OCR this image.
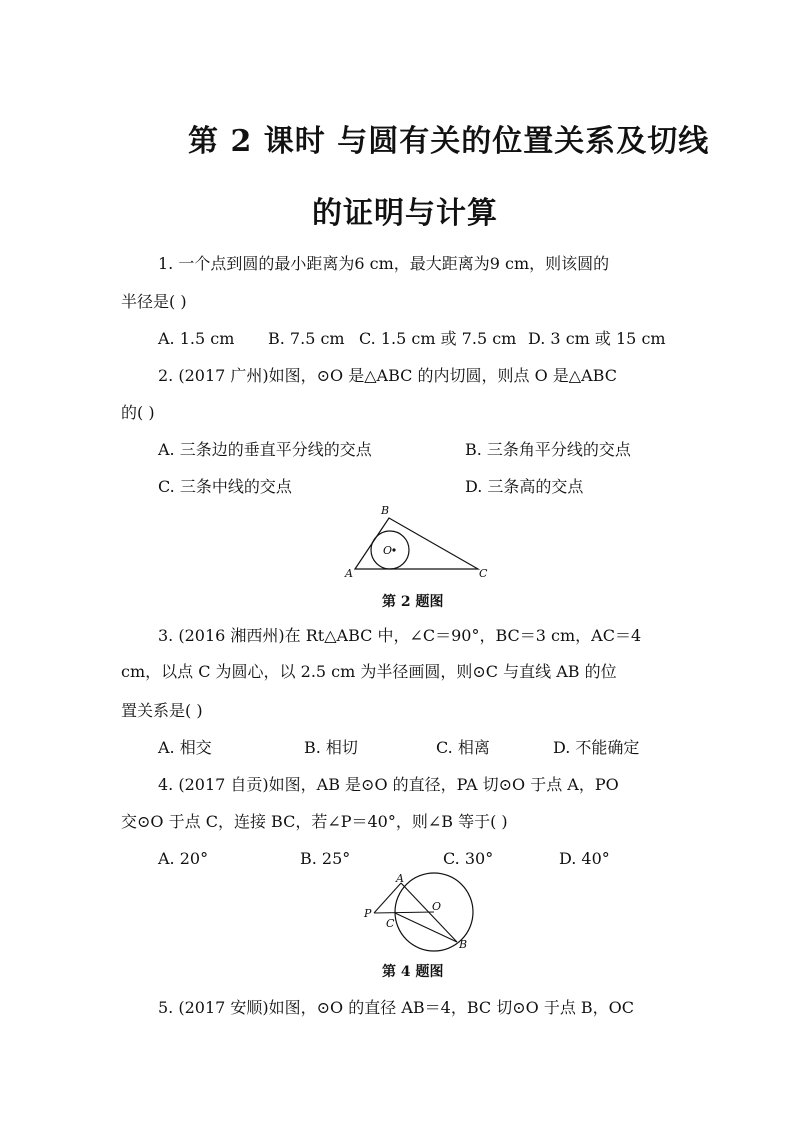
第 2 课时 与圆有关的位置关系及切线
的证明与计算
1. 一个点到圆的最小距离为6 cm，最大距离为9 cm，则该圆的
半径是( )
A. 1.5 cm B. 7.5 cm C. 1.5 cm 或 7.5 cm D. 3 cm 或 15 cm
2. (2017 广州)如图，⊙O 是△ABC 的内切圆，则点 O 是△ABC
的( )
A. 三条边的垂直平分线的交点	B. 三条角平分线的交点
C. 三条中线的交点	D. 三条高的交点
B
O
A	C
第 2 题图
3. (2016 湘西州)在 Rt△ABC 中，∠C＝90°，BC＝3 cm，AC＝4
cm，以点 C 为圆心，以 2.5 cm 为半径画圆，则⊙C 与直线 AB 的位
置关系是( )
A. 相交	B. 相切	C. 相离	D. 不能确定
4. (2017 自贡)如图，AB 是⊙O 的直径，PA 切⊙O 于点 A，PO
交⊙O 于点 C，连接 BC，若∠P＝40°，则∠B 等于( )
A. 20°	B. 25°	C. 30°	D. 40°
A
O
P
C
B
第 4 题图
5. (2017 安顺)如图，⊙O 的直径 AB＝4，BC 切⊙O 于点 B，OC
